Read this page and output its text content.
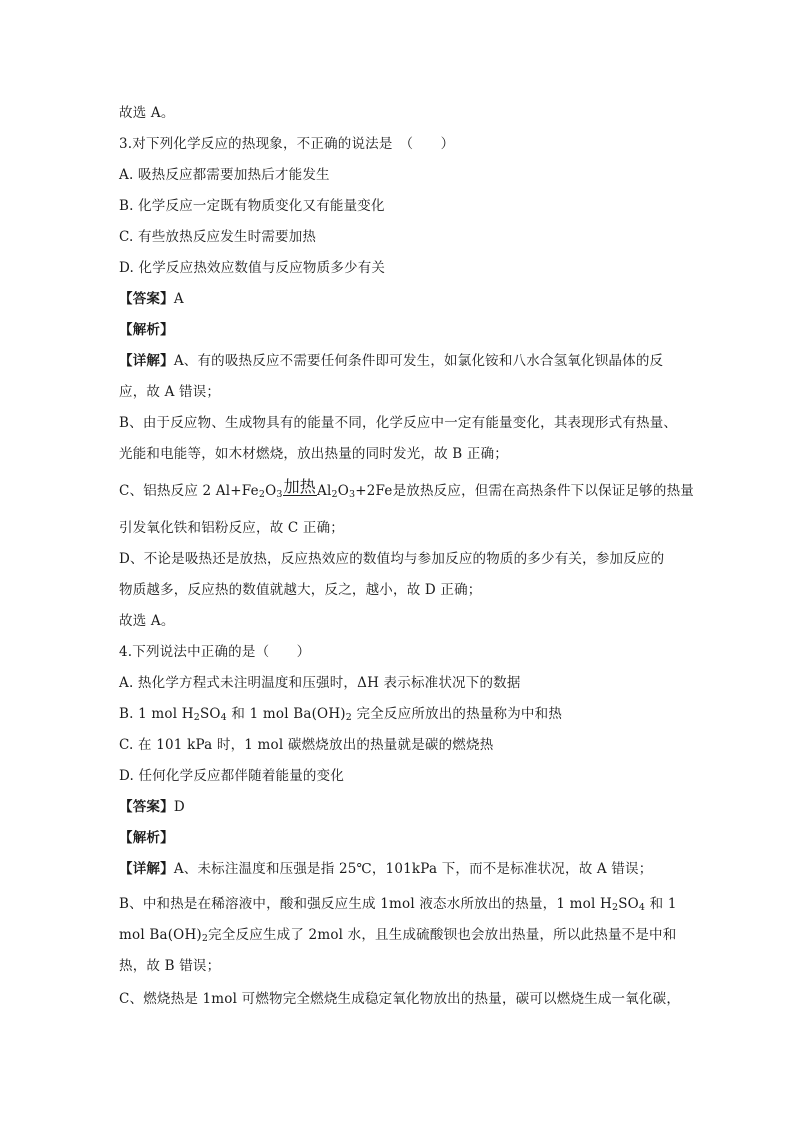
故选 A。
3.对下列化学反应的热现象，不正确的说法是　（　　）
A. 吸热反应都需要加热后才能发生
B. 化学反应一定既有物质变化又有能量变化
C. 有些放热反应发生时需要加热
D. 化学反应热效应数值与反应物质多少有关
【答案】A
【解析】
【详解】A、有的吸热反应不需要任何条件即可发生，如氯化铵和八水合氢氧化钡晶体的反
应，故 A 错误；
B、由于反应物、生成物具有的能量不同，化学反应中一定有能量变化，其表现形式有热量、
光能和电能等，如木材燃烧，放出热量的同时发光，故 B 正确；
C、铝热反应 2 $Al+Fe_2O_3$加热$Al_2O_3+2Fe$是放热反应，但需在高热条件下以保证足够的热量
引发氧化铁和铝粉反应，故 C 正确；
D、不论是吸热还是放热，反应热效应的数值均与参加反应的物质的多少有关，参加反应的
物质越多，反应热的数值就越大，反之，越小，故 D 正确；
故选 A。
4.下列说法中正确的是（　　）
A. 热化学方程式未注明温度和压强时，ΔH 表示标准状况下的数据
B. 1 mol $H_2SO_4$ 和 1 mol $Ba(OH)_2$ 完全反应所放出的热量称为中和热
C. 在 101 kPa 时，1 mol 碳燃烧放出的热量就是碳的燃烧热
D. 任何化学反应都伴随着能量的变化
【答案】D
【解析】
【详解】A、未标注温度和压强是指 25℃，101kPa 下，而不是标准状况，故 A 错误；
B、中和热是在稀溶液中，酸和强反应生成 1mol 液态水所放出的热量，1 mol $H_2SO_4$ 和 1
mol $Ba(OH)_2$完全反应生成了 2mol 水，且生成硫酸钡也会放出热量，所以此热量不是中和
热，故 B 错误；
C、燃烧热是 1mol 可燃物完全燃烧生成稳定氧化物放出的热量，碳可以燃烧生成一氧化碳，
